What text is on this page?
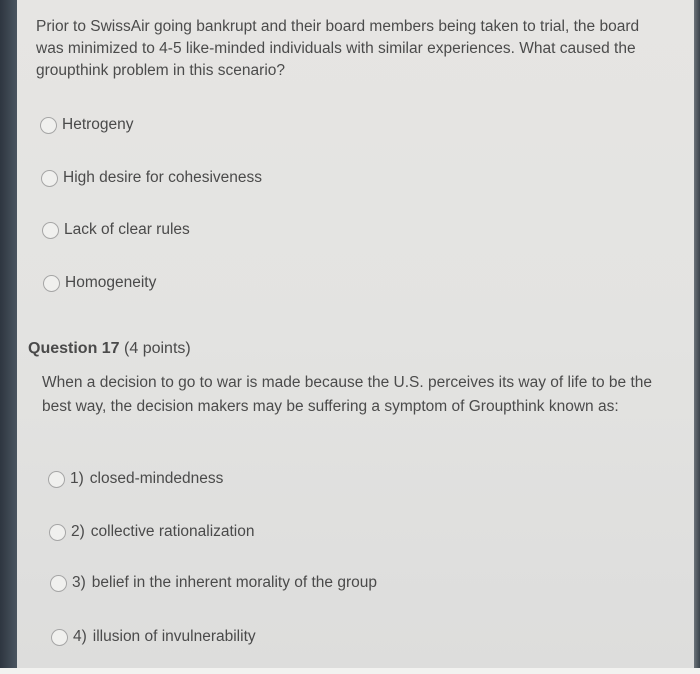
Prior to SwissAir going bankrupt and their board members being taken to trial, the board was minimized to 4-5 like-minded individuals with similar experiences. What caused the groupthink problem in this scenario?
Hetrogeny
High desire for cohesiveness
Lack of clear rules
Homogeneity
Question 17 (4 points)
When a decision to go to war is made because the U.S. perceives its way of life to be the best way, the decision makers may be suffering a symptom of Groupthink known as:
1) closed-mindedness
2) collective rationalization
3) belief in the inherent morality of the group
4) illusion of invulnerability
